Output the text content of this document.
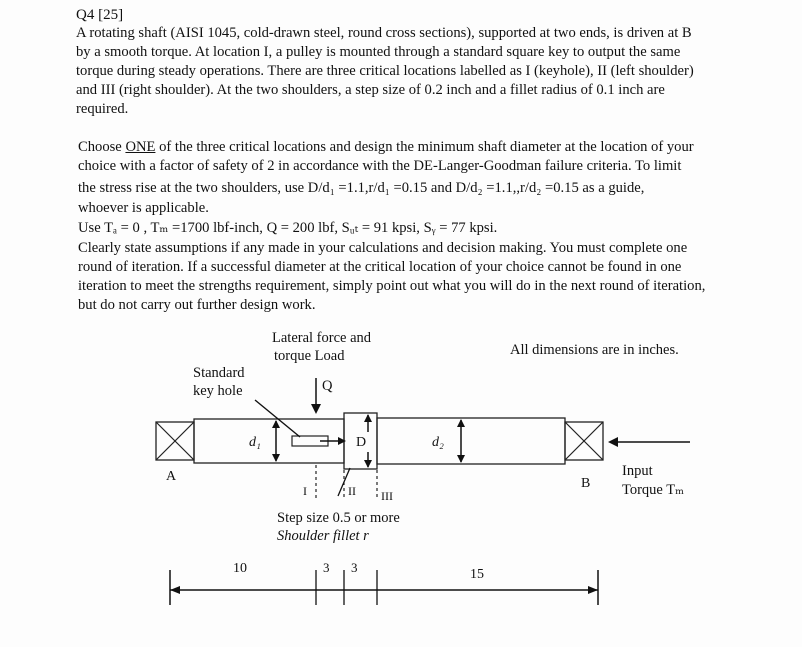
Q4 [25]
A rotating shaft (AISI 1045, cold-drawn steel, round cross sections), supported at two ends, is driven at B
by a smooth torque. At location I, a pulley is mounted through a standard square key to output the same
torque during steady operations. There are three critical locations labelled as I (keyhole), II (left shoulder)
and III (right shoulder). At the two shoulders, a step size of 0.2 inch and a fillet radius of 0.1 inch are
required.
Choose ONE of the three critical locations and design the minimum shaft diameter at the location of your
choice with a factor of safety of 2 in accordance with the DE-Langer-Goodman failure criteria. To limit
the stress rise at the two shoulders, use D/d₁ =1.1,r/d₁ =0.15 and D/d₂ =1.1,,r/d₂ =0.15 as a guide,
whoever is applicable.
Use Tₐ = 0 , Tₘ =1700 lbf-inch, Q = 200 lbf, Sᵤₜ = 91 kpsi, Sᵧ = 77 kpsi.
Clearly state assumptions if any made in your calculations and decision making. You must complete one
round of iteration. If a successful diameter at the critical location of your choice cannot be found in one
iteration to meet the strengths requirement, simply point out what you will do in the next round of iteration,
but do not carry out further design work.
Lateral force and
torque Load	All dimensions are in inches.
Standard
key hole	Q
A	B
d₁	D	d₂
I	II III
Input
Torque Tₘ
Step size 0.5 or more
Shoulder fillet r
10	3 3	15
